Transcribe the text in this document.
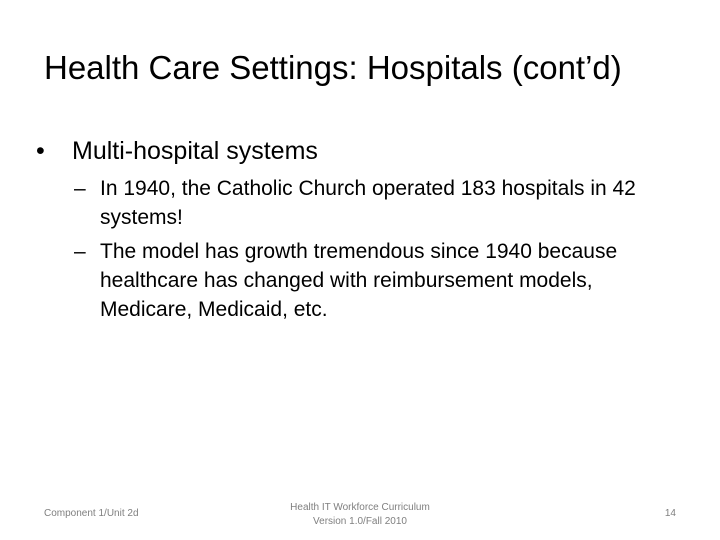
Health Care Settings: Hospitals (cont’d)
•	Multi-hospital systems
– In 1940, the Catholic Church operated 183 hospitals in 42 systems!
– The model has growth tremendous since 1940 because healthcare has changed with reimbursement models, Medicare, Medicaid, etc.
Component 1/Unit 2d
Health IT Workforce Curriculum
Version 1.0/Fall 2010
14
